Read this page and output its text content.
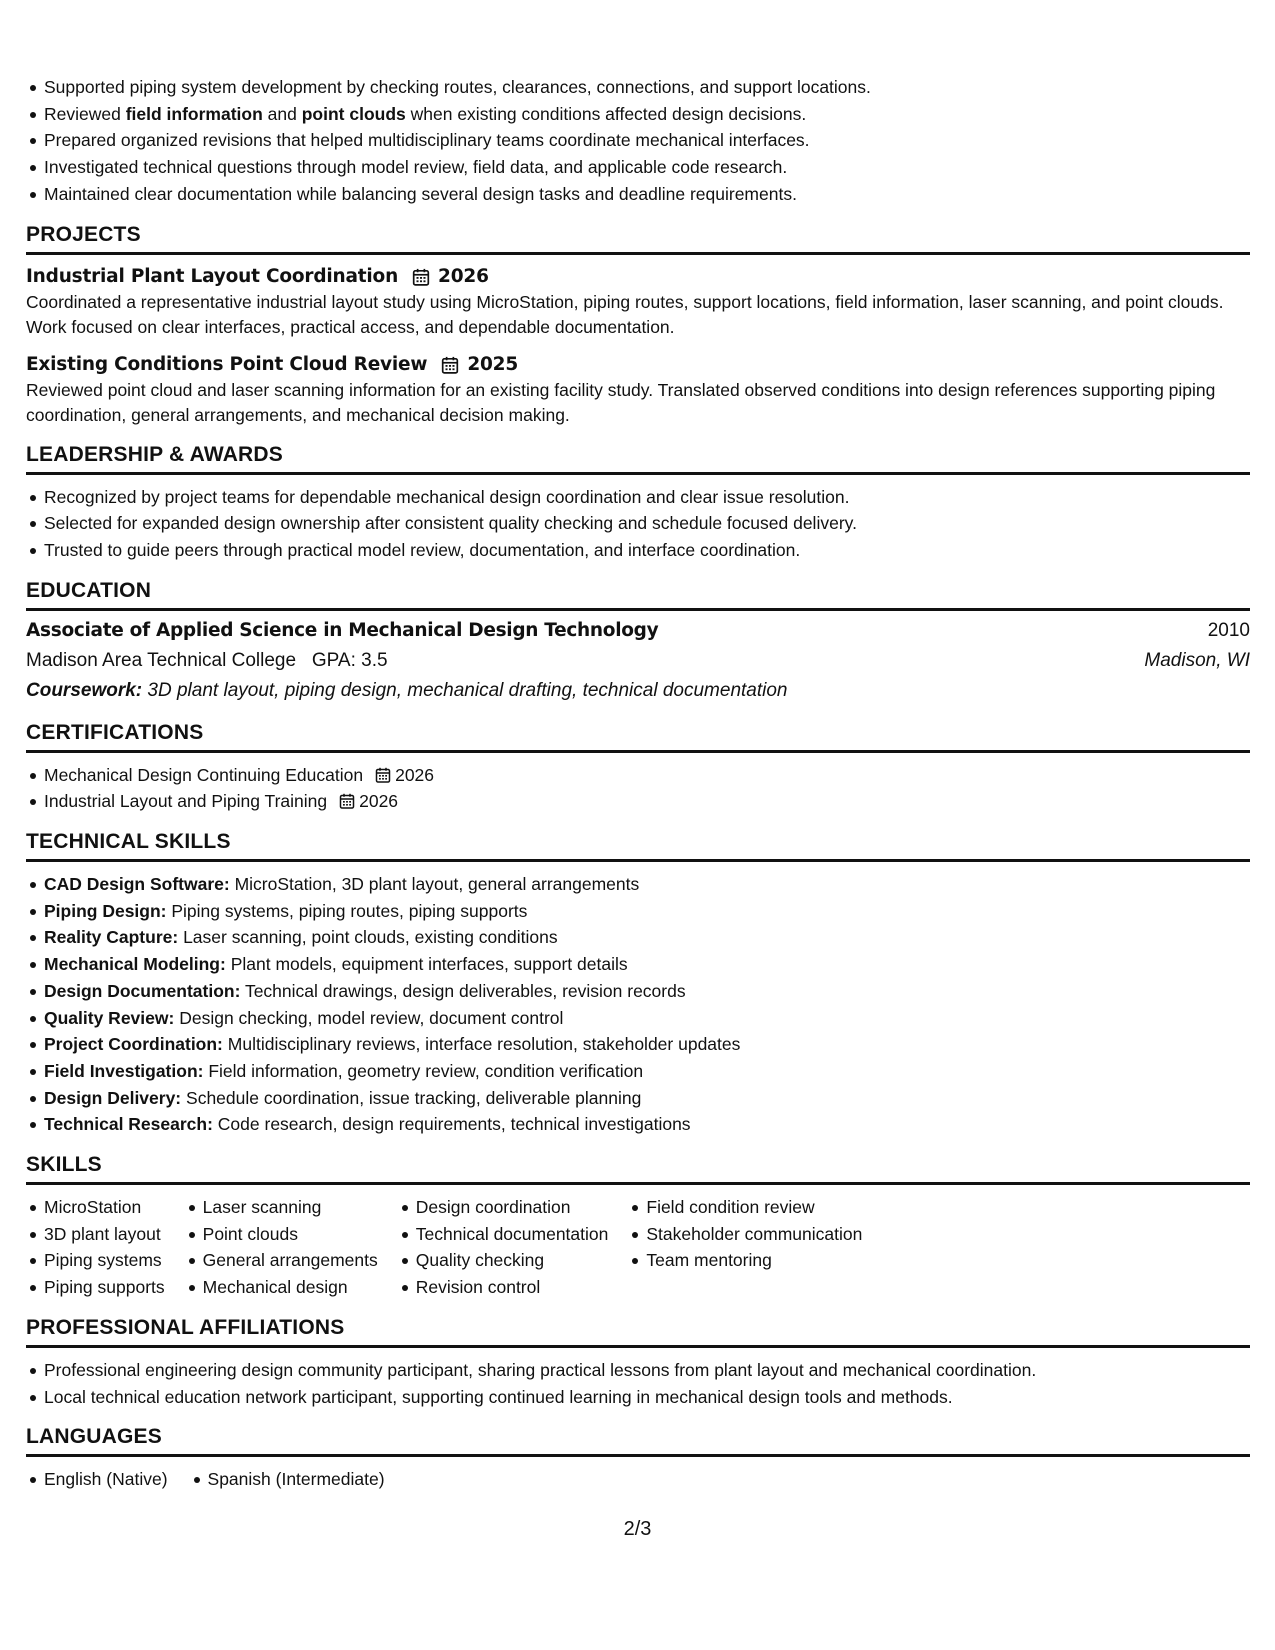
Supported piping system development by checking routes, clearances, connections, and support locations.
Reviewed field information and point clouds when existing conditions affected design decisions.
Prepared organized revisions that helped multidisciplinary teams coordinate mechanical interfaces.
Investigated technical questions through model review, field data, and applicable code research.
Maintained clear documentation while balancing several design tasks and deadline requirements.
PROJECTS
Industrial Plant Layout Coordination 2026
Coordinated a representative industrial layout study using MicroStation, piping routes, support locations, field information, laser scanning, and point clouds. Work focused on clear interfaces, practical access, and dependable documentation.
Existing Conditions Point Cloud Review 2025
Reviewed point cloud and laser scanning information for an existing facility study. Translated observed conditions into design references supporting piping coordination, general arrangements, and mechanical decision making.
LEADERSHIP & AWARDS
Recognized by project teams for dependable mechanical design coordination and clear issue resolution.
Selected for expanded design ownership after consistent quality checking and schedule focused delivery.
Trusted to guide peers through practical model review, documentation, and interface coordination.
EDUCATION
Associate of Applied Science in Mechanical Design Technology	2010
Madison Area Technical College GPA: 3.5	Madison, WI
Coursework: 3D plant layout, piping design, mechanical drafting, technical documentation
CERTIFICATIONS
Mechanical Design Continuing Education 2026
Industrial Layout and Piping Training 2026
TECHNICAL SKILLS
CAD Design Software: MicroStation, 3D plant layout, general arrangements
Piping Design: Piping systems, piping routes, piping supports
Reality Capture: Laser scanning, point clouds, existing conditions
Mechanical Modeling: Plant models, equipment interfaces, support details
Design Documentation: Technical drawings, design deliverables, revision records
Quality Review: Design checking, model review, document control
Project Coordination: Multidisciplinary reviews, interface resolution, stakeholder updates
Field Investigation: Field information, geometry review, condition verification
Design Delivery: Schedule coordination, issue tracking, deliverable planning
Technical Research: Code research, design requirements, technical investigations
SKILLS
MicroStation
3D plant layout
Piping systems
Piping supports
Laser scanning
Point clouds
General arrangements
Mechanical design
Design coordination
Technical documentation
Quality checking
Revision control
Field condition review
Stakeholder communication
Team mentoring
PROFESSIONAL AFFILIATIONS
Professional engineering design community participant, sharing practical lessons from plant layout and mechanical coordination.
Local technical education network participant, supporting continued learning in mechanical design tools and methods.
LANGUAGES
English (Native) Spanish (Intermediate)
2/3
